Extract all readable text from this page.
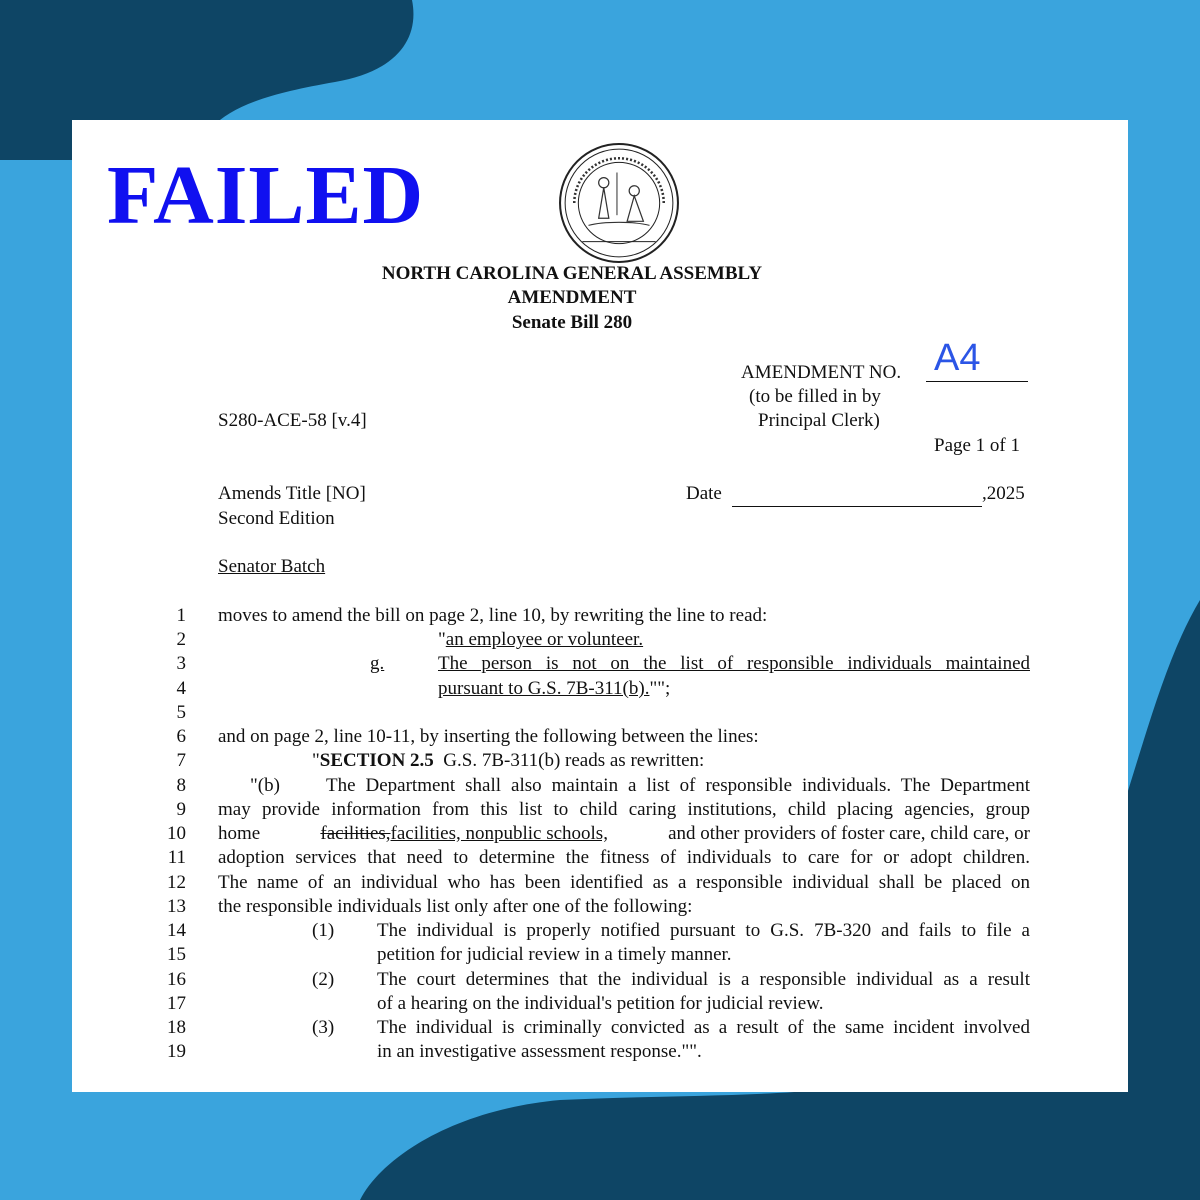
FAILED
NORTH CAROLINA GENERAL ASSEMBLY
AMENDMENT
Senate Bill 280
AMENDMENT NO. A4
(to be filled in by
Principal Clerk)
S280-ACE-58 [v.4]
Page 1 of 1
Amends Title [NO]
Second Edition
Date	,2025
Senator Batch
1
2
3
4
5
6
7
8
9
10
11
12
13
14
15
16
17
18
19
moves to amend the bill on page 2, line 10, by rewriting the line to read:
"an employee or volunteer.
g.	The person is not on the list of responsible individuals maintained
pursuant to G.S. 7B-311(b)."";
and on page 2, line 10-11, by inserting the following between the lines:
"SECTION 2.5 G.S. 7B-311(b) reads as rewritten:
"(b) The Department shall also maintain a list of responsible individuals. The Department
may provide information from this list to child caring institutions, child placing agencies, group
home	facilities,facilities, nonpublic schools,	and other providers of foster care, child care, or
adoption services that need to determine the fitness of individuals to care for or adopt children.
The name of an individual who has been identified as a responsible individual shall be placed on
the responsible individuals list only after one of the following:
(1) The individual is properly notified pursuant to G.S. 7B-320 and fails to file a
petition for judicial review in a timely manner.
(2) The court determines that the individual is a responsible individual as a result
of a hearing on the individual's petition for judicial review.
(3) The individual is criminally convicted as a result of the same incident involved
in an investigative assessment response."".
